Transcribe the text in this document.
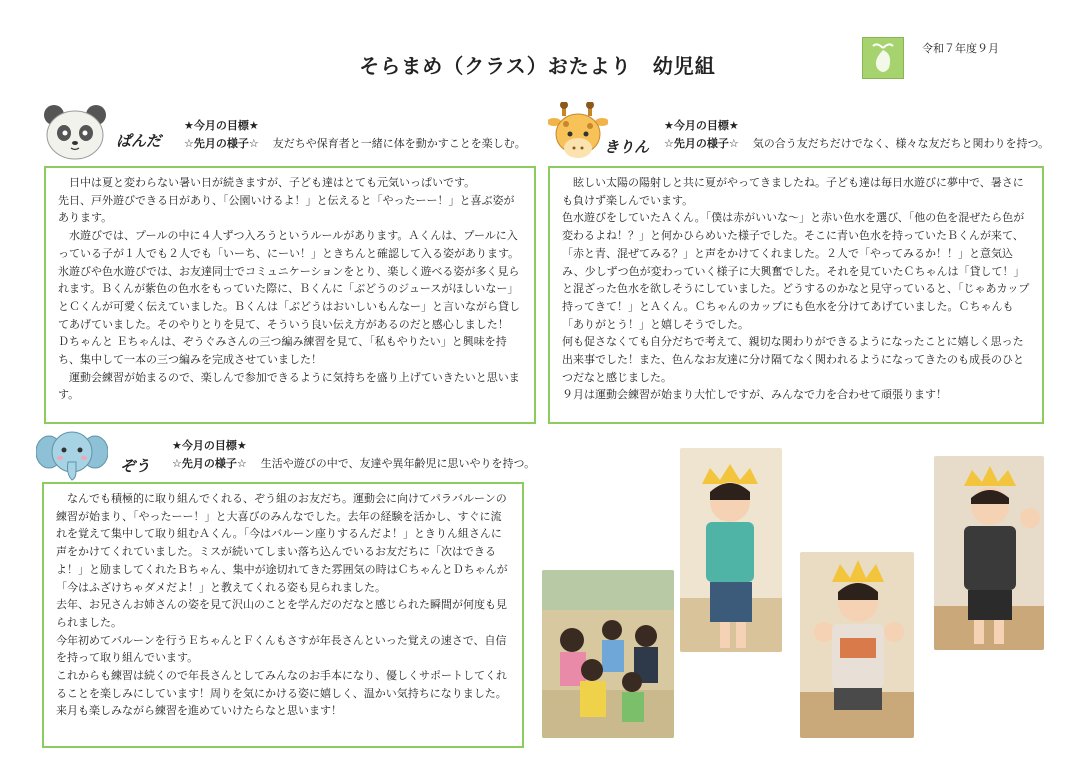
そらまめ（クラス）おたより　幼児組
令和７年度９月
ぱんだ
★今月の目標★
☆先月の様子☆ 友だちや保育者と一緒に体を動かすことを楽しむ。

　日中は夏と変わらない暑い日が続きますが、子ども達はとても元気いっぱいです。

先日、戸外遊びできる日があり、「公園いけるよ！」と伝えると「やったーー！」と喜ぶ姿があります。

　水遊びでは、プールの中に４人ずつ入ろうというルールがあります。Ａくんは、プールに入っている子が１人でも２人でも「いーち、にーい！」ときちんと確認して入る姿があります。氷遊びや色水遊びでは、お友達同士でコミュニケーションをとり、楽しく遊べる姿が多く見られます。Ｂくんが紫色の色水をもっていた際に、Ｂくんに「ぶどうのジュースがほしいなー」とＣくんが可愛く伝えていました。Ｂくんは「ぶどうはおいしいもんなー」と言いながら貸してあげていました。そのやりとりを見て、そういう良い伝え方があるのだと感心しました！

Ｄちゃんと Ｅちゃんは、ぞうぐみさんの三つ編み練習を見て、「私もやりたい」と興味を持ち、集中して一本の三つ編みを完成させていました！

　運動会練習が始まるので、楽しんで参加できるように気持ちを盛り上げていきたいと思います。

きりん
★今月の目標★
☆先月の様子☆ 気の合う友だちだけでなく、様々な友だちと関わりを持つ。

　眩しい太陽の陽射しと共に夏がやってきましたね。子ども達は毎日水遊びに夢中で、暑さにも負けず楽しんでいます。

色水遊びをしていたＡくん。「僕は赤がいいな～」と赤い色水を選び、「他の色を混ぜたら色が変わるよね！？」と何かひらめいた様子でした。そこに青い色水を持っていたＢくんが来て、「赤と青、混ぜてみる？」と声をかけてくれました。２人で「やってみるか！！」と意気込み、少しずつ色が変わっていく様子に大興奮でした。それを見ていたＣちゃんは「貸して！」と混ざった色水を欲しそうにしていました。どうするのかなと見守っていると、「じゃあカップ持ってきて！」とＡくん。Ｃちゃんのカップにも色水を分けてあげていました。Ｃちゃんも「ありがとう！」と嬉しそうでした。

何も促さなくても自分だちで考えて、親切な関わりができるようになったことに嬉しく思った出来事でした！また、色んなお友達に分け隔てなく関われるようになってきたのも成長のひとつだなと感じました。

９月は運動会練習が始まり大忙しですが、みんなで力を合わせて頑張ります！

ぞう
★今月の目標★
☆先月の様子☆ 生活や遊びの中で、友達や異年齢児に思いやりを持つ。

　なんでも積極的に取り組んでくれる、ぞう組のお友だち。運動会に向けてパラバルーンの練習が始まり、「やったーー！」と大喜びのみんなでした。去年の経験を活かし、すぐに流れを覚えて集中して取り組むＡくん。「今はバルーン座りするんだよ！」ときりん組さんに声をかけてくれていました。ミスが続いてしまい落ち込んでいるお友だちに「次はできるよ！」と励ましてくれたＢちゃん、集中が途切れてきた雰囲気の時はＣちゃんとＤちゃんが「今はふざけちゃダメだよ！」と教えてくれる姿も見られました。

去年、お兄さんお姉さんの姿を見て沢山のことを学んだのだなと感じられた瞬間が何度も見られました。

今年初めてバルーンを行うＥちゃんとＦくんもさすが年長さんといった覚えの速さで、自信を持って取り組んでいます。

これからも練習は続くので年長さんとしてみんなのお手本になり、優しくサポートしてくれることを楽しみにしています！周りを気にかける姿に嬉しく、温かい気持ちになりました。

来月も楽しみながら練習を進めていけたらなと思います！
